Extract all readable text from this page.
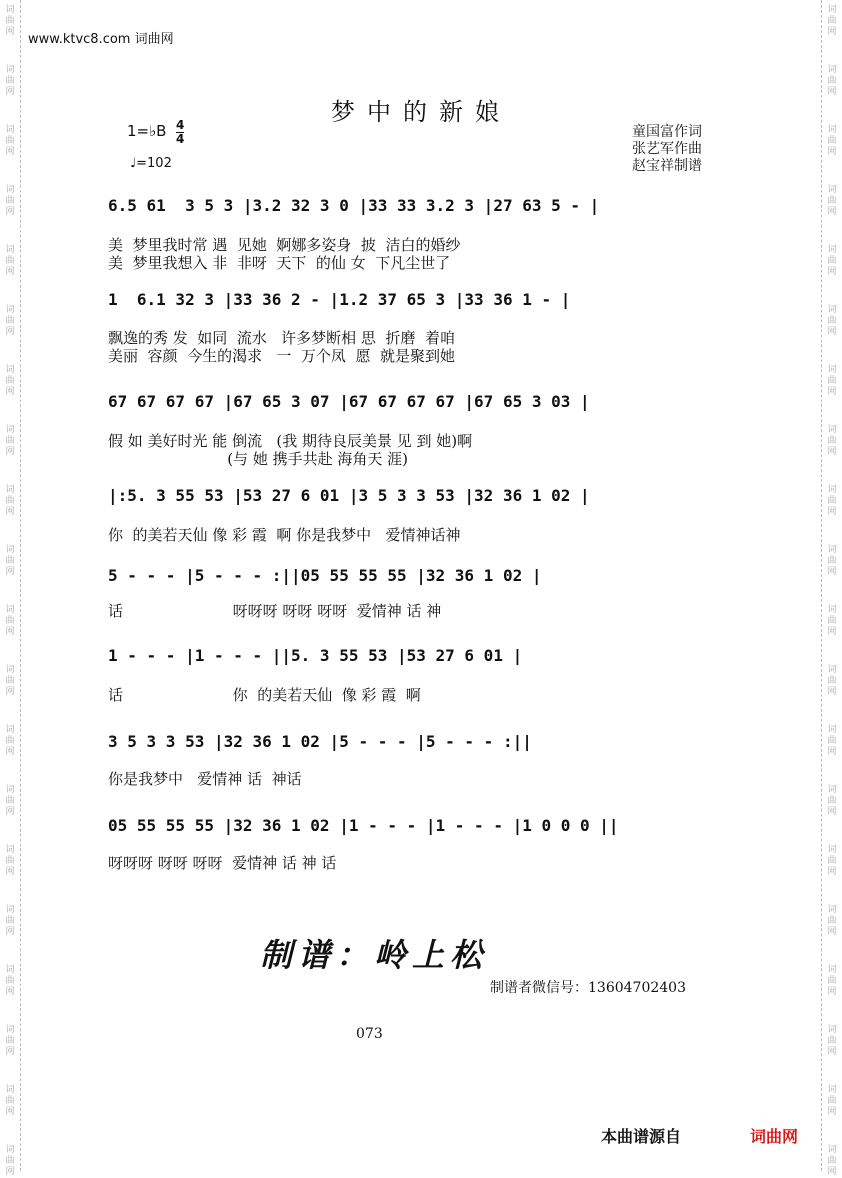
词
曲
网
词
曲
网
词
曲
网
词
曲
网
词
曲
网
词
曲
网
词
曲
网
词
曲
网
词
曲
网
词
曲
网
词
曲
网
词
曲
网
词
曲
网
词
曲
网
词
曲
网
词
曲
网
词
曲
网
词
曲
网
词
曲
网
词
曲
网
词
曲
网
词
曲
网
词
曲
网
词
曲
网
词
曲
网
词
曲
网
词
曲
网
词
曲
网
词
曲
网
词
曲
网
词
曲
网
词
曲
网
词
曲
网
词
曲
网
词
曲
网
词
曲
网
词
曲
网
词
曲
网
词
曲
网
词
曲
网
www.ktvc8.com 词曲网
梦中的新娘
1=♭B 4
4
♩=102
童国富作词
张艺军作曲
赵宝祥制谱
6.5 61  3 5 3 |3.2 32 3 0 |33 33 3.2 3 |27 63 5 - |
美  梦里我时常 遇  见她  婀娜多姿身  披  洁白的婚纱
美  梦里我想入 非  非呀  天下  的仙 女  下凡尘世了
1  6.1 32 3 |33 36 2 - |1.2 37 65 3 |33 36 1 - |
飘逸的秀 发  如同  流水   许多梦断相 思  折磨  着咱
美丽  容颜  今生的渴求   一  万个凤  愿  就是聚到她
67 67 67 67 |67 65 3 07 |67 67 67 67 |67 65 3 03 |
假 如 美好时光 能 倒流   (我 期待良辰美景 见 到 她)啊
(与 她 携手共赴 海角天 涯)
|:5. 3 55 53 |53 27 6 01 |3 5 3 3 53 |32 36 1 02 |
你  的美若天仙 像 彩 霞  啊 你是我梦中   爱情神话神
5 - - - |5 - - - :||05 55 55 55 |32 36 1 02 |
话                       呀呀呀 呀呀 呀呀  爱情神 话 神
1 - - - |1 - - - ||5. 3 55 53 |53 27 6 01 |
话                       你  的美若天仙  像 彩 霞  啊
3 5 3 3 53 |32 36 1 02 |5 - - - |5 - - - :||
你是我梦中   爱情神 话  神话
05 55 55 55 |32 36 1 02 |1 - - - |1 - - - |1 0 0 0 ||
呀呀呀 呀呀 呀呀  爱情神 话 神 话
制谱：岭上松
制谱者微信号：13604702403
073
本曲谱源自	词曲网
